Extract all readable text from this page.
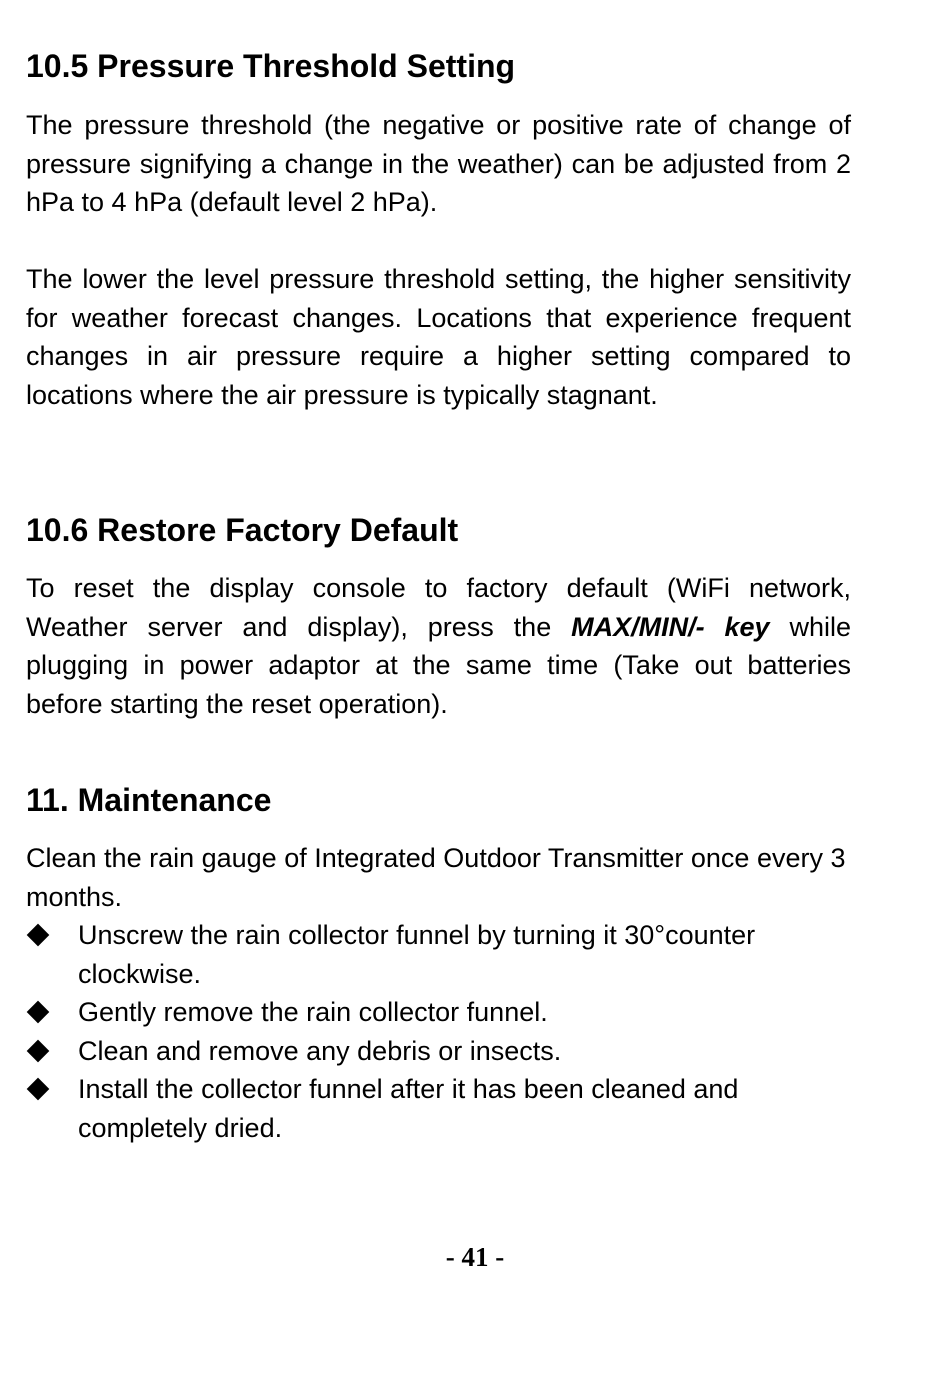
10.5 Pressure Threshold Setting

The pressure threshold (the negative or positive rate of change of pressure signifying a change in the weather) can be adjusted from 2 hPa to 4 hPa (default level 2 hPa).

The lower the level pressure threshold setting, the higher sensitivity for weather forecast changes. Locations that experience frequent changes in air pressure require a higher setting compared to locations where the air pressure is typically stagnant.

10.6 Restore Factory Default

To reset the display console to factory default (WiFi network, Weather server and display), press the MAX/MIN/- key while plugging in power adaptor at the same time (Take out batteries before starting the reset operation).

11. Maintenance

Clean the rain gauge of Integrated Outdoor Transmitter once every 3 months.

Unscrew the rain collector funnel by turning it 30°counter clockwise.
Gently remove the rain collector funnel.
Clean and remove any debris or insects.
Install the collector funnel after it has been cleaned and completely dried.
- 41 -
